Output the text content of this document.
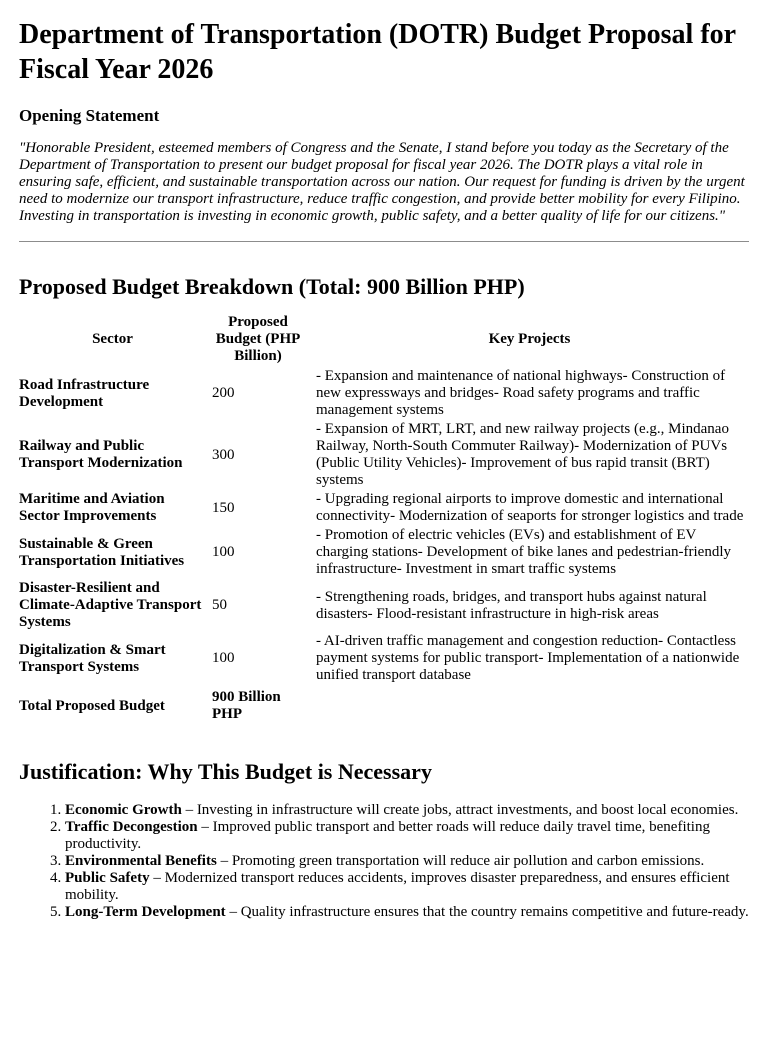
Department of Transportation (DOTR) Budget Proposal for Fiscal Year 2026
Opening Statement

"Honorable President, esteemed members of Congress and the Senate, I stand before you today as the Secretary of the Department of Transportation to present our budget proposal for fiscal year 2026. The DOTR plays a vital role in ensuring safe, efficient, and sustainable transportation across our nation. Our request for funding is driven by the urgent need to modernize our transport infrastructure, reduce traffic congestion, and provide better mobility for every Filipino. Investing in transportation is investing in economic growth, public safety, and a better quality of life for our citizens."

Proposed Budget Breakdown (Total: 900 Billion PHP)
Sector	Proposed Budget (PHP Billion)	Key Projects
Road Infrastructure Development	200	- Expansion and maintenance of national highways- Construction of new expressways and bridges- Road safety programs and traffic management systems
Railway and Public Transport Modernization	300	- Expansion of MRT, LRT, and new railway projects (e.g., Mindanao Railway, North-South Commuter Railway)- Modernization of PUVs (Public Utility Vehicles)- Improvement of bus rapid transit (BRT) systems
Maritime and Aviation Sector Improvements	150	- Upgrading regional airports to improve domestic and international connectivity- Modernization of seaports for stronger logistics and trade
Sustainable & Green Transportation Initiatives	100	- Promotion of electric vehicles (EVs) and establishment of EV charging stations- Development of bike lanes and pedestrian-friendly infrastructure- Investment in smart traffic systems
Disaster-Resilient and Climate-Adaptive Transport Systems	50	- Strengthening roads, bridges, and transport hubs against natural disasters- Flood-resistant infrastructure in high-risk areas
Digitalization & Smart Transport Systems	100	- AI-driven traffic management and congestion reduction- Contactless payment systems for public transport- Implementation of a nationwide unified transport database
Total Proposed Budget	900 Billion PHP	
Justification: Why This Budget is Necessary
1. Economic Growth – Investing in infrastructure will create jobs, attract investments, and boost local economies.
2. Traffic Decongestion – Improved public transport and better roads will reduce daily travel time, benefiting productivity.
3. Environmental Benefits – Promoting green transportation will reduce air pollution and carbon emissions.
4. Public Safety – Modernized transport reduces accidents, improves disaster preparedness, and ensures efficient mobility.
5. Long-Term Development – Quality infrastructure ensures that the country remains competitive and future-ready.
